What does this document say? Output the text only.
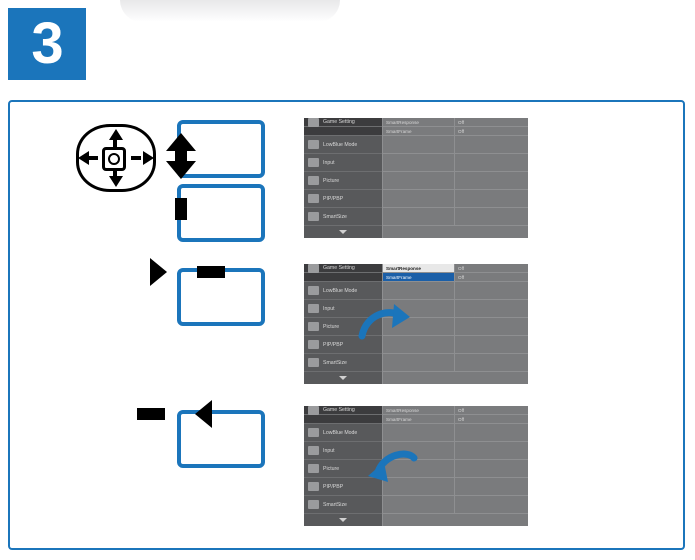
3
Game Setting	SmartResponse	Off
SmartFrame	Off
LowBlue Mode
Input
Picture
PIP/PBP
SmartSize
Game Setting	SmartResponse	Off
SmartFrame	Off
LowBlue Mode
Input
Picture
PIP/PBP
SmartSize
Game Setting	SmartResponse	Off
SmartFrame	Off
LowBlue Mode
Input
Picture
PIP/PBP
SmartSize
